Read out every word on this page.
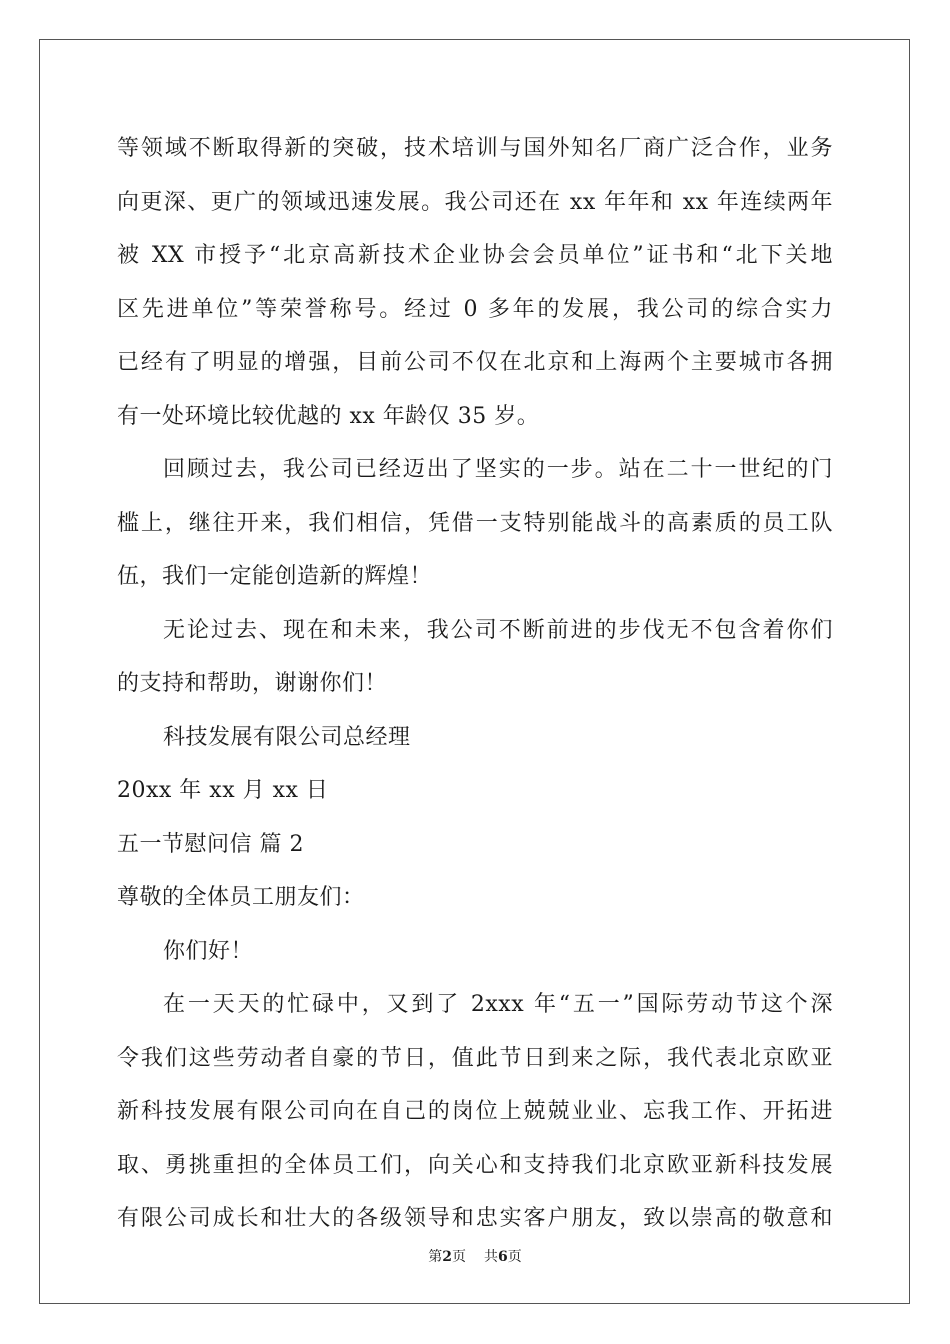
等领域不断取得新的突破，技术培训与国外知名厂商广泛合作，业务
向更深、更广的领域迅速发展。我公司还在 xx 年年和 xx 年连续两年
被 XX 市授予“北京高新技术企业协会会员单位”证书和“北下关地
区先进单位”等荣誉称号。经过 0 多年的发展，我公司的综合实力
已经有了明显的增强，目前公司不仅在北京和上海两个主要城市各拥
有一处环境比较优越的 xx 年龄仅 35 岁。
回顾过去，我公司已经迈出了坚实的一步。站在二十一世纪的门
槛上，继往开来，我们相信，凭借一支特别能战斗的高素质的员工队
伍，我们一定能创造新的辉煌！
无论过去、现在和未来，我公司不断前进的步伐无不包含着你们
的支持和帮助，谢谢你们！
科技发展有限公司总经理
20xx 年 xx 月 xx 日
五一节慰问信 篇 2
尊敬的全体员工朋友们：
你们好！
在一天天的忙碌中，又到了 2xxx 年“五一”国际劳动节这个深
令我们这些劳动者自豪的节日，值此节日到来之际，我代表北京欧亚
新科技发展有限公司向在自己的岗位上兢兢业业、忘我工作、开拓进
取、勇挑重担的全体员工们，向关心和支持我们北京欧亚新科技发展
有限公司成长和壮大的各级领导和忠实客户朋友，致以崇高的敬意和
第2页 共6页
